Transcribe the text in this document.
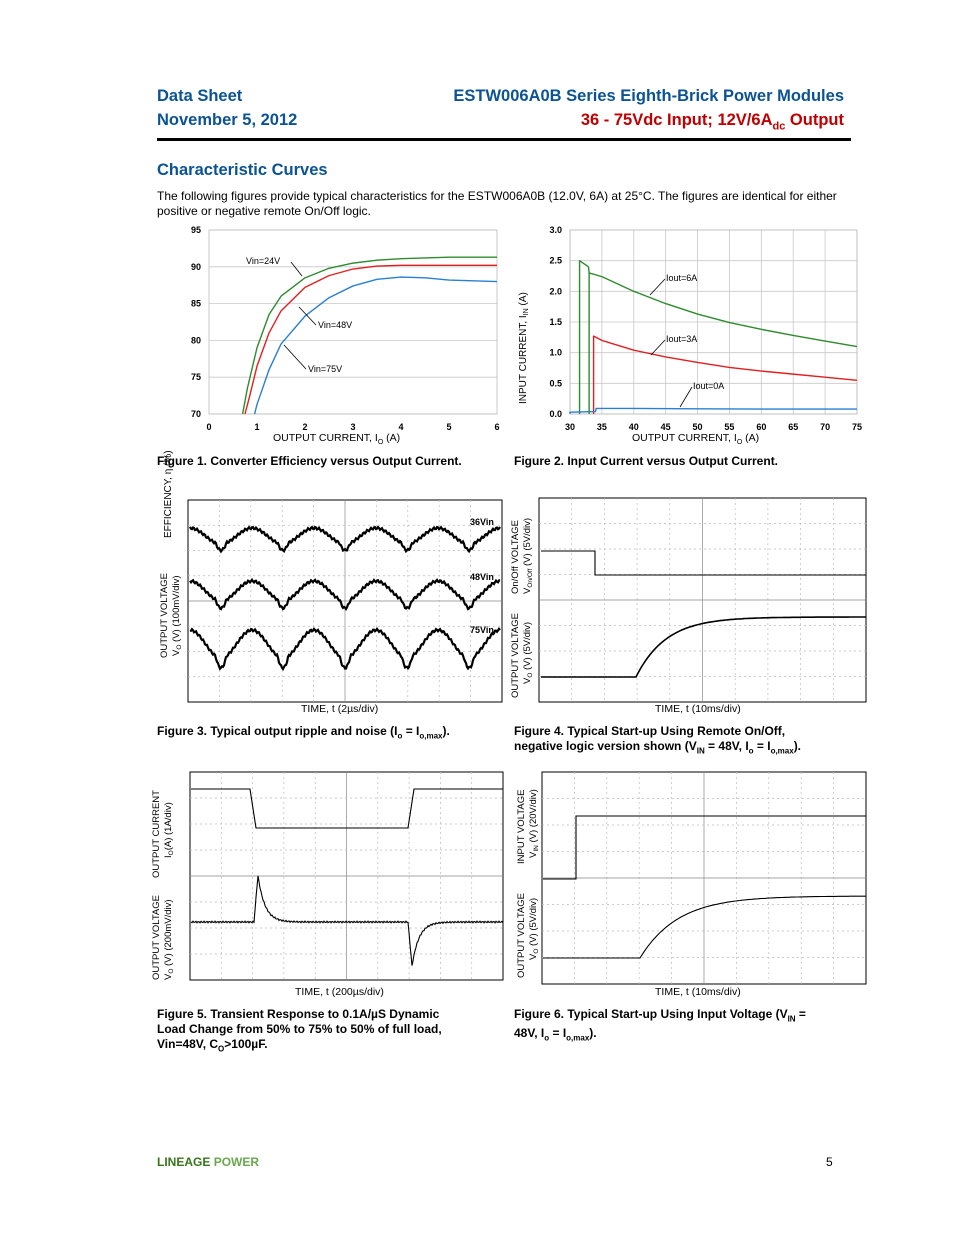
Data Sheet
November 5, 2012
ESTW006A0B Series Eighth-Brick Power Modules
36 - 75Vdc Input; $12V/6A_{dc}$ Output
Characteristic Curves
The following figures provide typical characteristics for the ESTW006A0B (12.0V, 6A) at 25°C. The figures are identical for either positive or negative remote On/Off logic.
95
90
85
80
75
70
0	1	2	3	4	5	6
Vin=24V
Vin=48V
Vin=75V
EFFICIENCY, η (%)
OUTPUT CURRENT, $I_O$ (A)
3.0
2.5
2.0
1.5
1.0
0.5
0.0
30 35 40 45 50 55 60 65 70 75
Iout=6A
Iout=3A
Iout=0A
INPUT CURRENT, $I_{IN}$ (A)
OUTPUT CURRENT, $I_O$ (A)
Figure 1. Converter Efficiency versus Output Current.	Figure 2. Input Current versus Output Current.
36Vin
48Vin
75Vin
OUTPUT VOLTAGE $V_O$ (V) (100mV/div)
TIME, t (2µs/div)
On/Off VOLTAGE $V_{On/Off}$ (V) (5V/div)
OUTPUT VOLTAGE $V_O$ (V) (5V/div)
TIME, t (10ms/div)
Figure 3. Typical output ripple and noise $(I_o = I_{o,max})$.	Figure 4. Typical Start-up Using Remote On/Off,
negative logic version shown ($V_{IN} = 48V$, $I_o = I_{o,max}$).
OUTPUT CURRENT $I_O(A)$ (1A/div)
OUTPUT VOLTAGE $V_O$ (V) (200mV/div)
TIME, t (200µs/div)
INPUT VOLTAGE $V_{IN}$ (V) (20V/div)
OUTPUT VOLTAGE $V_O$ (V) (5V/div)
TIME, t (10ms/div)
Figure 5. Transient Response to 0.1A/µS Dynamic
Load Change from 50% to 75% to 50% of full load,
Vin=48V, $C_O>100\mu F$.
Figure 6. Typical Start-up Using Input Voltage ($V_{IN}$ =
48V, $I_o = I_{o,max}$).
LINEAGE POWER	5
